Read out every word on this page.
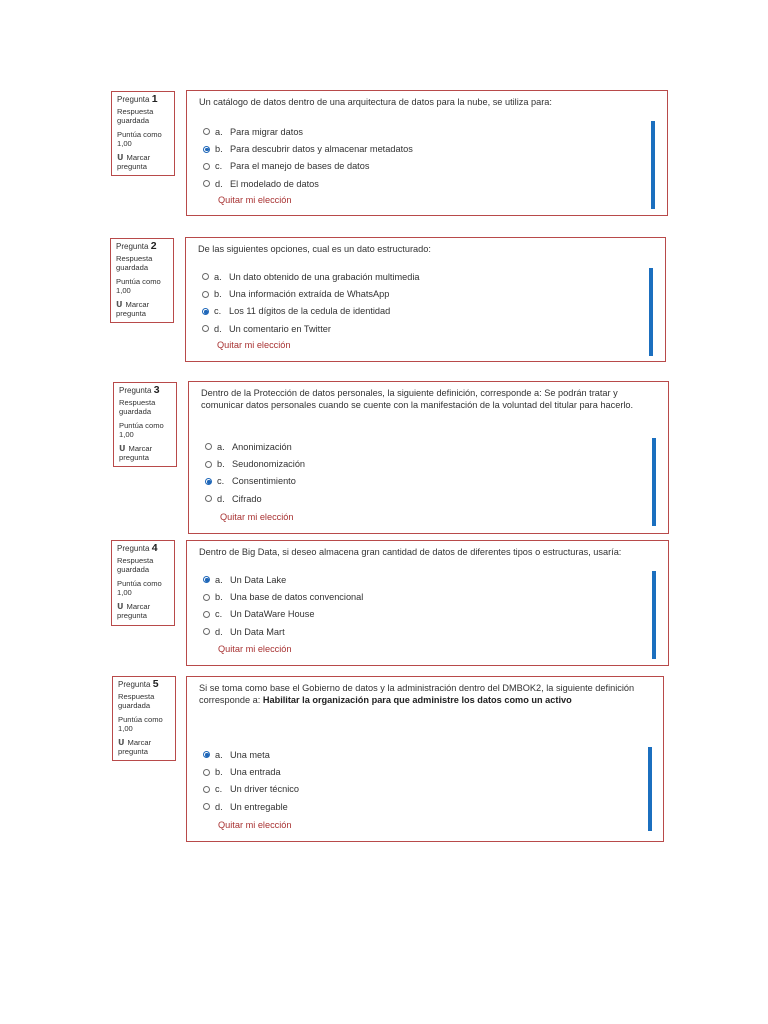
Pregunta 1
Respuesta guardada
Puntúa como 1,00
𝗨 Marcar pregunta
Un catálogo de datos dentro de una arquitectura de datos para la nube, se utiliza para:
a. Para migrar datos
b. Para descubrir datos y almacenar metadatos
c. Para el manejo de bases de datos
d. El modelado de datos
Quitar mi elección
Pregunta 2
Respuesta guardada
Puntúa como 1,00
𝗨 Marcar pregunta
De las siguientes opciones, cual es un dato estructurado:
a. Un dato obtenido de una grabación multimedia
b. Una información extraída de WhatsApp
c. Los 11 dígitos de la cedula de identidad
d. Un comentario en Twitter
Quitar mi elección
Pregunta 3
Respuesta guardada
Puntúa como 1,00
𝗨 Marcar pregunta
Dentro de la Protección de datos personales, la siguiente definición, corresponde a: Se podrán tratar y comunicar datos personales cuando se cuente con la manifestación de la voluntad del titular para hacerlo.
a. Anonimización
b. Seudonomización
c. Consentimiento
d. Cifrado
Quitar mi elección
Pregunta 4
Respuesta guardada
Puntúa como 1,00
𝗨 Marcar pregunta
Dentro de Big Data, si deseo almacena gran cantidad de datos de diferentes tipos o estructuras, usaría:
a. Un Data Lake
b. Una base de datos convencional
c. Un DataWare House
d. Un Data Mart
Quitar mi elección
Pregunta 5
Respuesta guardada
Puntúa como 1,00
𝗨 Marcar pregunta
Si se toma como base el Gobierno de datos y la administración dentro del DMBOK2, la siguiente definición corresponde a: Habilitar la organización para que administre los datos como un activo
a. Una meta
b. Una entrada
c. Un driver técnico
d. Un entregable
Quitar mi elección
